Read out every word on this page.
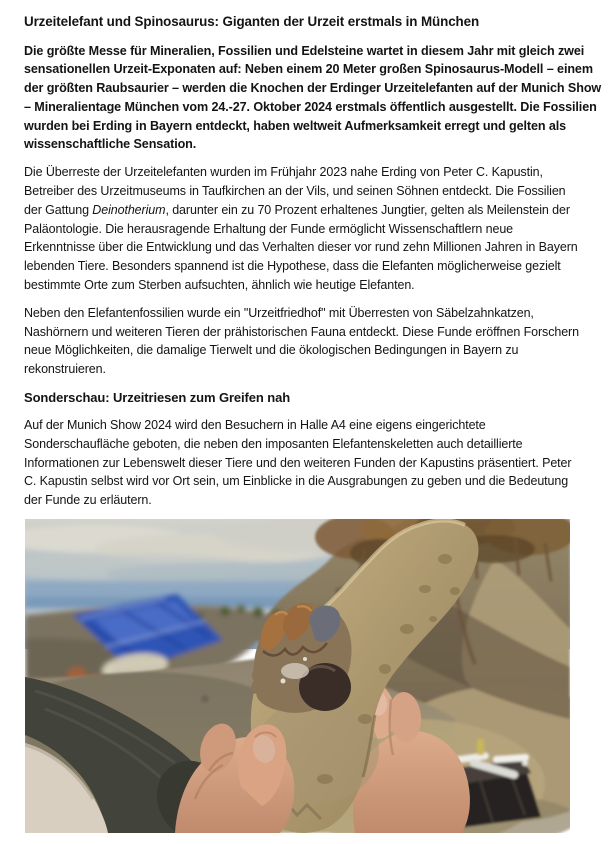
Urzeitelefant und Spinosaurus: Giganten der Urzeit erstmals in München
Die größte Messe für Mineralien, Fossilien und Edelsteine wartet in diesem Jahr mit gleich zwei
sensationellen Urzeit-Exponaten auf: Neben einem 20 Meter großen Spinosaurus-Modell – einem
der größten Raubsaurier – werden die Knochen der Erdinger Urzeitelefanten auf der Munich Show
– Mineralientage München vom 24.-27. Oktober 2024 erstmals öffentlich ausgestellt. Die Fossilien
wurden bei Erding in Bayern entdeckt, haben weltweit Aufmerksamkeit erregt und gelten als
wissenschaftliche Sensation.
Die Überreste der Urzeitelefanten wurden im Frühjahr 2023 nahe Erding von Peter C. Kapustin,
Betreiber des Urzeitmuseums in Taufkirchen an der Vils, und seinen Söhnen entdeckt. Die Fossilien
der Gattung Deinotherium, darunter ein zu 70 Prozent erhaltenes Jungtier, gelten als Meilenstein der
Paläontologie. Die herausragende Erhaltung der Funde ermöglicht Wissenschaftlern neue
Erkenntnisse über die Entwicklung und das Verhalten dieser vor rund zehn Millionen Jahren in Bayern
lebenden Tiere. Besonders spannend ist die Hypothese, dass die Elefanten möglicherweise gezielt
bestimmte Orte zum Sterben aufsuchten, ähnlich wie heutige Elefanten.
Neben den Elefantenfossilien wurde ein "Urzeitfriedhof" mit Überresten von Säbelzahnkatzen,
Nashörnern und weiteren Tieren der prähistorischen Fauna entdeckt. Diese Funde eröffnen Forschern
neue Möglichkeiten, die damalige Tierwelt und die ökologischen Bedingungen in Bayern zu
rekonstruieren.
Sonderschau: Urzeitriesen zum Greifen nah
Auf der Munich Show 2024 wird den Besuchern in Halle A4 eine eigens eingerichtete
Sonderschaufläche geboten, die neben den imposanten Elefantenskeletten auch detaillierte
Informationen zur Lebenswelt dieser Tiere und den weiteren Funden der Kapustins präsentiert. Peter
C. Kapustin selbst wird vor Ort sein, um Einblicke in die Ausgrabungen zu geben und die Bedeutung
der Funde zu erläutern.
